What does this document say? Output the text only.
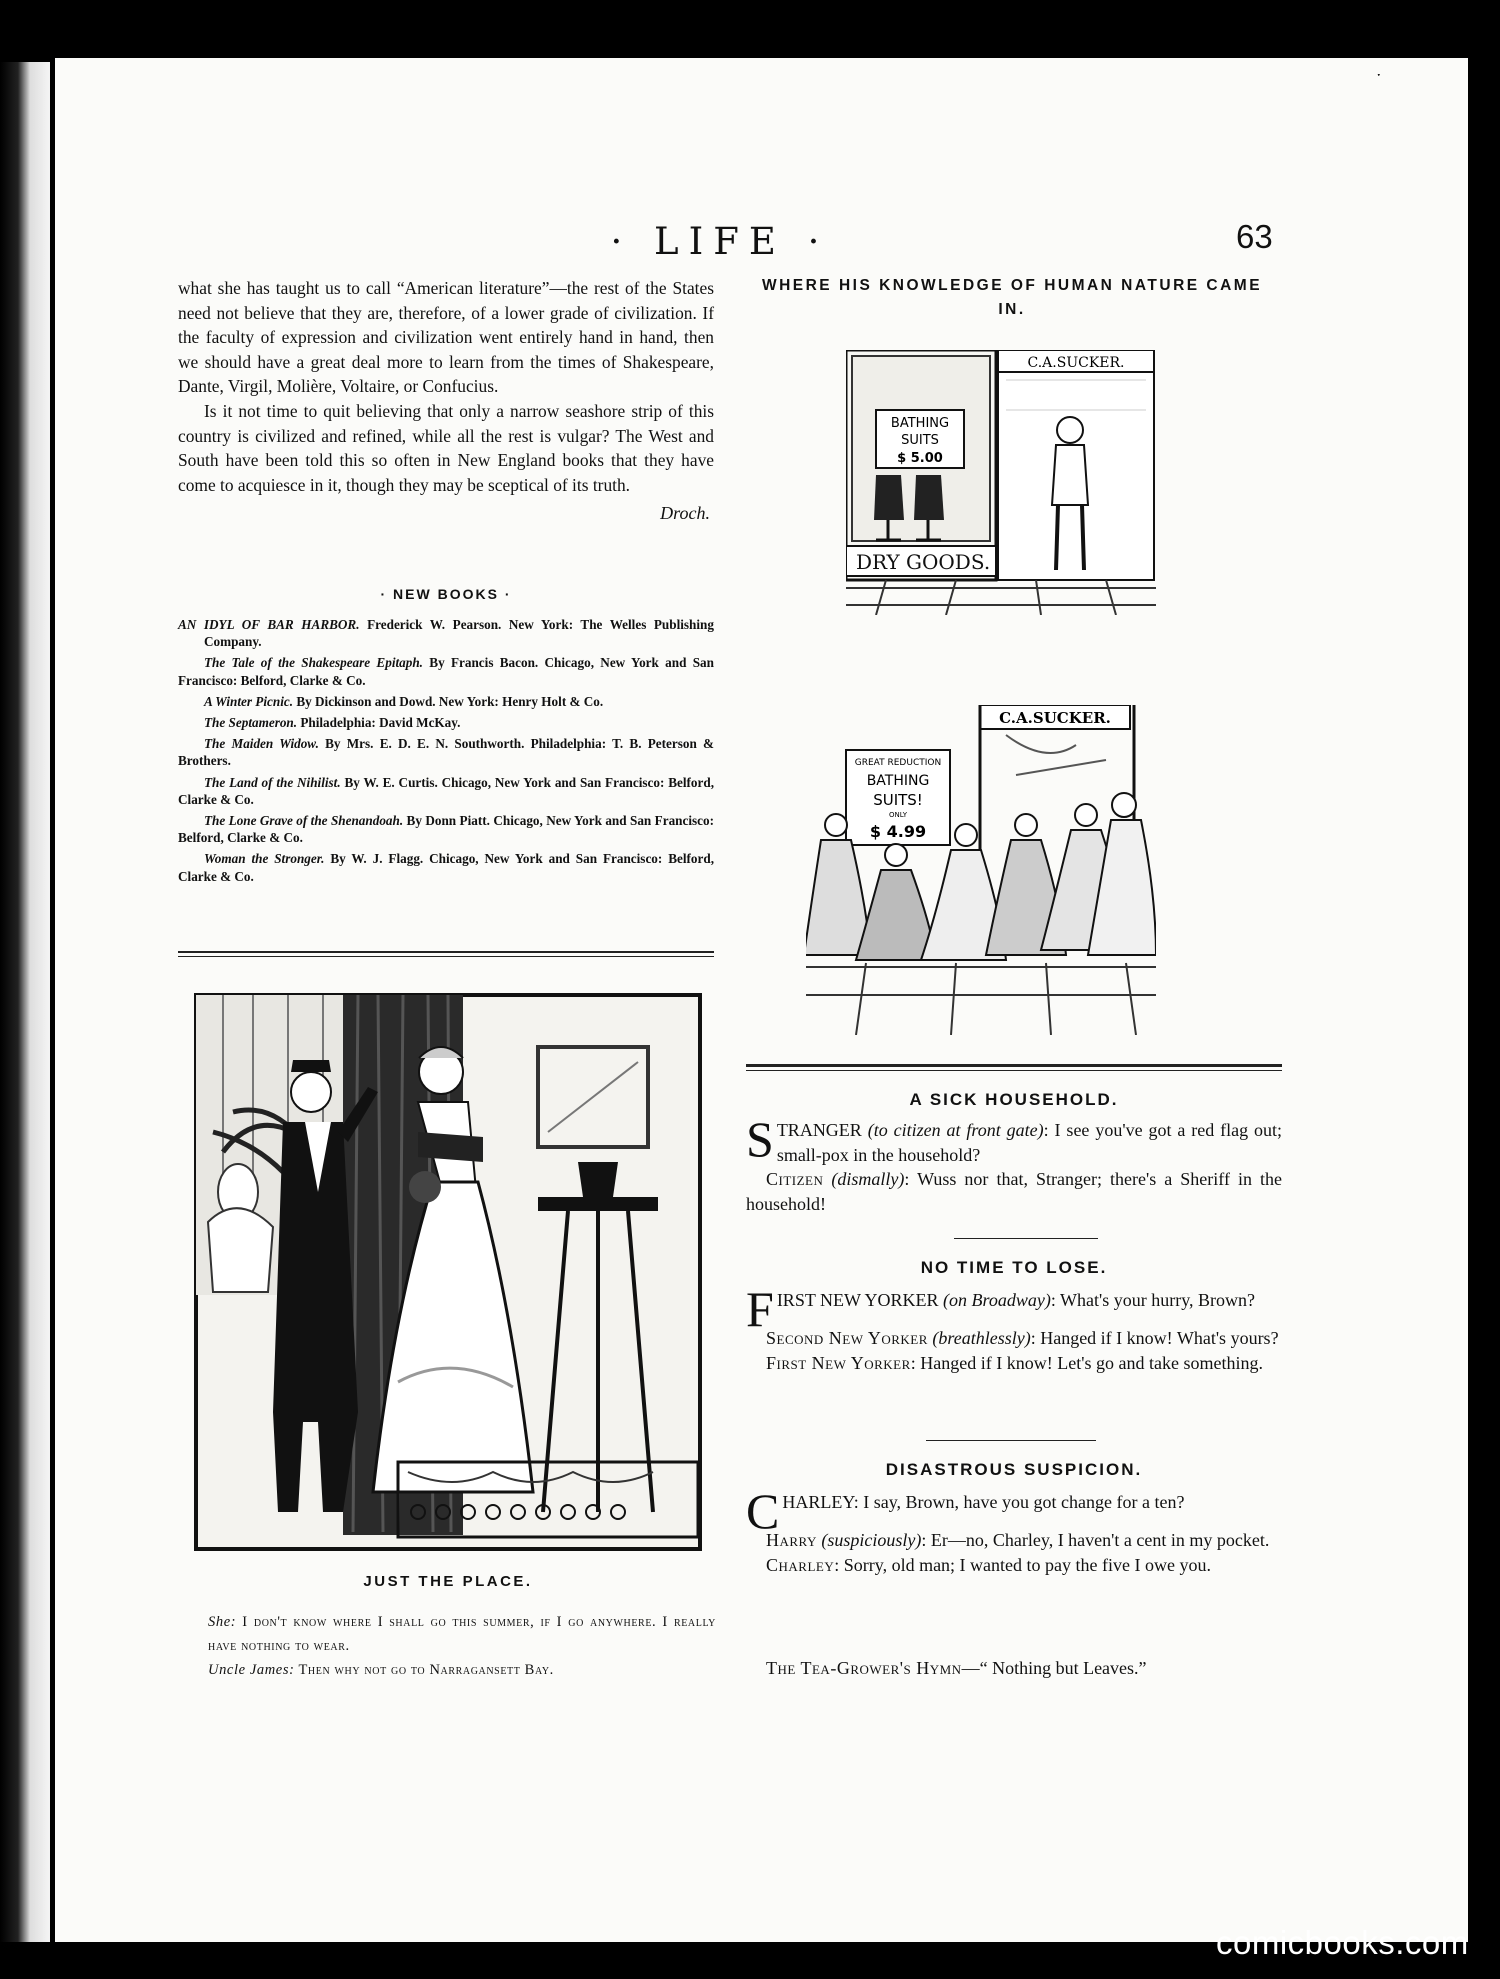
ˑ
· LIFE ·	63

what she has taught us to call “American literature”—the rest of the States need not believe that they are, therefore, of a lower grade of civilization. If the faculty of expression and civilization went entirely hand in hand, then we should have a great deal more to learn from the times of Shakespeare, Dante, Virgil, Molière, Voltaire, or Confucius.

Is it not time to quit believing that only a narrow seashore strip of this country is civilized and refined, while all the rest is vulgar? The West and South have been told this so often in New England books that they have come to acquiesce in it, though they may be sceptical of its truth.

Droch.
· NEW BOOKS ·

AN IDYL OF BAR HARBOR. Frederick W. Pearson. New York: The Welles Publishing Company.

The Tale of the Shakespeare Epitaph. By Francis Bacon. Chicago, New York and San Francisco: Belford, Clarke & Co.

A Winter Picnic. By Dickinson and Dowd. New York: Henry Holt & Co.

The Septameron. Philadelphia: David McKay.

The Maiden Widow. By Mrs. E. D. E. N. Southworth. Philadelphia: T. B. Peterson & Brothers.

The Land of the Nihilist. By W. E. Curtis. Chicago, New York and San Francisco: Belford, Clarke & Co.

The Lone Grave of the Shenandoah. By Donn Piatt. Chicago, New York and San Francisco: Belford, Clarke & Co.

Woman the Stronger. By W. J. Flagg. Chicago, New York and San Francisco: Belford, Clarke & Co.

JUST THE PLACE.

She: I don't know where I shall go this summer, if I go anywhere. I really have nothing to wear.

Uncle James: Then why not go to Narragansett Bay.

WHERE HIS KNOWLEDGE OF HUMAN NATURE CAME IN.
DRY GOODS.
BATHING
SUITS
$ 5.00
C.A.SUCKER.
C.A.SUCKER.
GREAT REDUCTION
BATHING
SUITS!
ONLY
$ 4.99
A SICK HOUSEHOLD.

STRANGER (to citizen at front gate): I see you've got a red flag out; small-pox in the household?

Citizen (dismally): Wuss nor that, Stranger; there's a Sheriff in the household!

NO TIME TO LOSE.

FIRST NEW YORKER (on Broadway): What's your hurry, Brown?

Second New Yorker (breathlessly): Hanged if I know! What's yours?

First New Yorker: Hanged if I know! Let's go and take something.

DISASTROUS SUSPICION.

CHARLEY: I say, Brown, have you got change for a ten?

Harry (suspiciously): Er—no, Charley, I haven't a cent in my pocket.

Charley: Sorry, old man; I wanted to pay the five I owe you.

The Tea-Grower's Hymn—“ Nothing but Leaves.”

comicbooks.com
